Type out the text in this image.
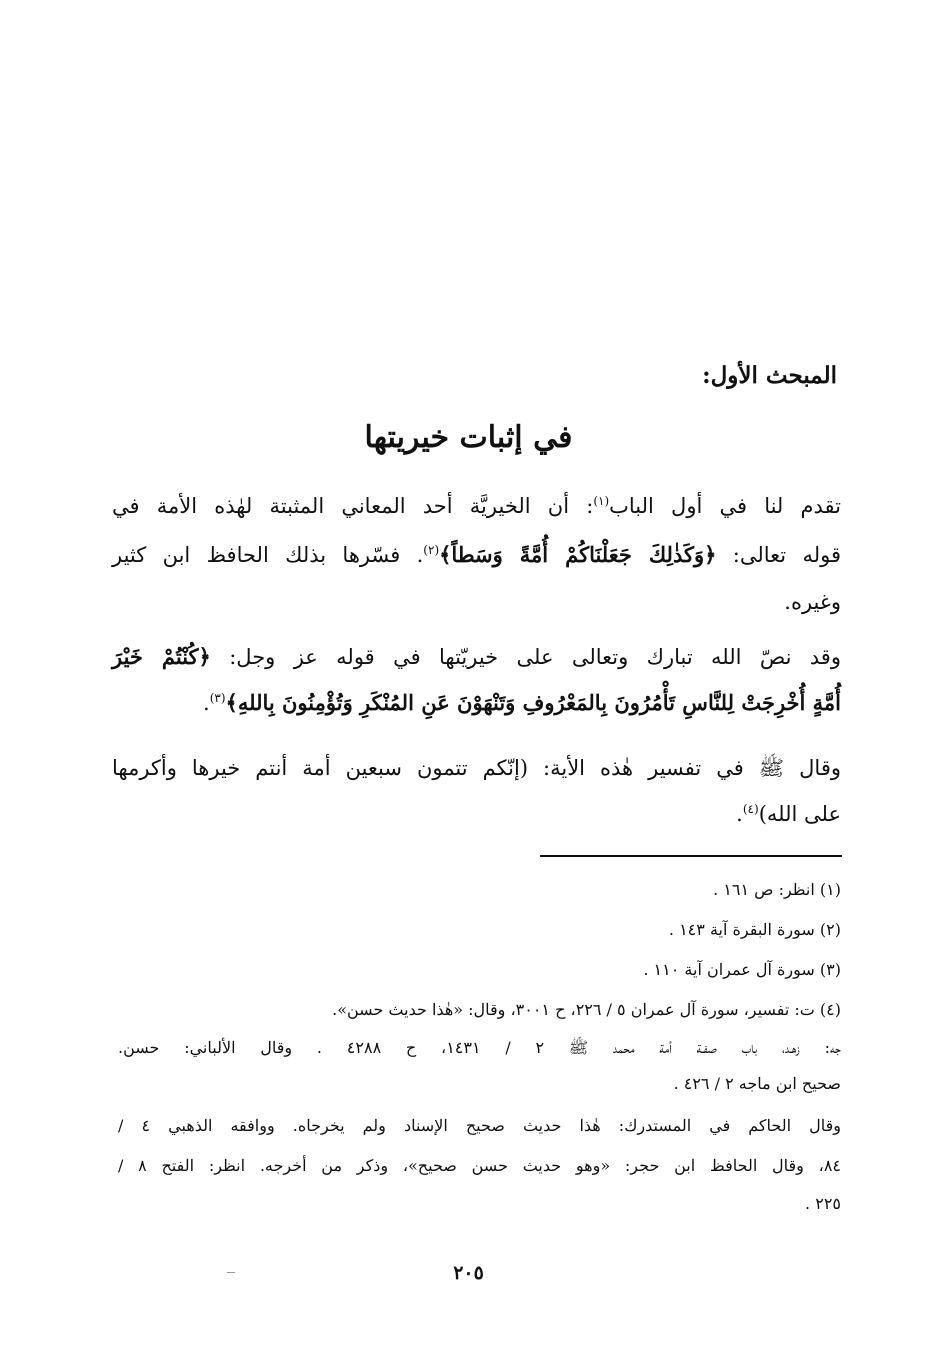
المبحث الأول:
في إثبات خيريتها
تقدم لنا في أول الباب$^{(١)}$: أن الخيريَّة أحد المعاني المثبتة لهٰذه الأمة في
قوله تعالى: ﴿وَكَذٰلِكَ جَعَلْنَاكُمْ أُمَّةً وَسَطاً﴾$^{(٢)}$. فسّرها بذلك الحافظ ابن كثير
وغيره.
وقد نصّ الله تبارك وتعالى على خيريّتها في قوله عز وجل: ﴿كُنْتُمْ خَيْرَ
أُمَّةٍ أُخْرِجَتْ لِلنَّاسِ تَأْمُرُونَ بِالمَعْرُوفِ وَتَنْهَوْنَ عَنِ المُنْكَرِ وَتُؤْمِنُونَ بِاللهِ﴾$^{(٣)}$.
وقال ﷺ في تفسير هٰذه الأية: (إنّكم تتمون سبعين أمة أنتم خيرها وأكرمها
على الله)$^{(٤)}$.
(١) انظر: ص ١٦١ .
(٢) سورة البقرة آية ١٤٣ .
(٣) سورة آل عمران آية ١١٠ .
(٤) ت: تفسير، سورة آل عمران ٥ / ٢٢٦، ح ٣٠٠١، وقال: «هٰذا حديث حسن».
جه: زهـد، باب صفـة أمة محمد ﷺ ٢ / ١٤٣١، ح ٤٢٨٨ . وقال الألباني: حسن.
صحيح ابن ماجه ٢ / ٤٢٦ .
وقال الحاكم في المستدرك: هٰذا حديث صحيح الإسناد ولم يخرجاه. ووافقه الذهبي ٤ /
٨٤، وقال الحافظ ابن حجر: «وهو حديث حسن صحيح»، وذكر من أخرجه. انظر: الفتح ٨ /
٢٢٥ .
٢٠٥
